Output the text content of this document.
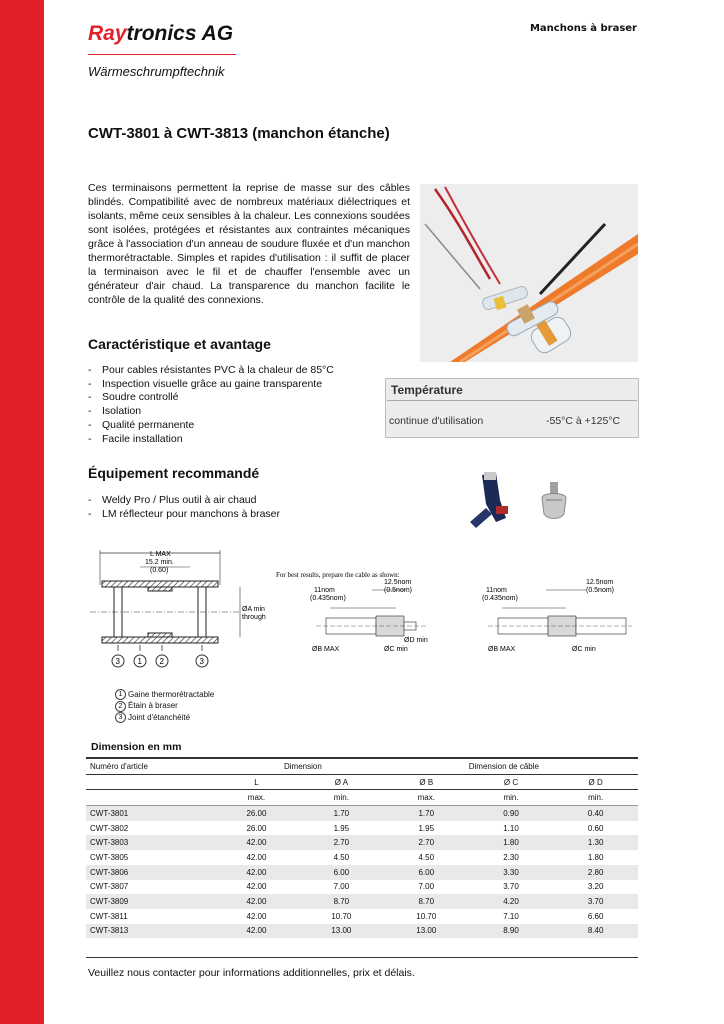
Raytronics AG
Wärmeschrumpftechnik
Manchons à braser
CWT-3801 à CWT-3813 (manchon étanche)
Ces terminaisons permettent la reprise de masse sur des câbles blindés. Compatibilité avec de nombreux matériaux diélectriques et isolants, même ceux sensibles à la chaleur. Les connexions soudées sont isolées, protégées et résistantes aux contraintes mécaniques grâce à l'association d'un anneau de soudure fluxée et d'un manchon thermorétractable. Simples et rapides d'utilisation : il suffit de placer la terminaison avec le fil et de chauffer l'ensemble avec un générateur d'air chaud. La transparence du manchon facilite le contrôle de la qualité des connexions.
Caractéristique et avantage
- Pour cables résistantes PVC à la chaleur de 85°C
- Inspection visuelle grâce au gaine transparente
- Soudre controllé
- Isolation
- Qualité permanente
- Facile installation
Température
continue d'utilisation	-55°C à +125°C
Équipement recommandé
- Weldy Pro / Plus outil à air chaud
- LM réflecteur pour manchons à braser
L MAX
15.2 min.
(0.60)
ØA min
through
3 1 2	3
For best results, prepare the cable as shown:
12.5nom
(0.5nom)
11nom
(0.435nom)
ØD min
ØB MAX	ØC min
12.5nom
(0.5nom)
11nom
(0.435nom)
ØB MAX	ØC min
1 Gaine thermorétractable
2 Étain à braser
3 Joint d'étanchéité
Dimension en mm
Numéro d'article	Dimension			Dimension de câble	
	L	Ø A	Ø B	Ø C	Ø D
	max.	min.	max.	min.	min.
CWT-3801	26.00	1.70	1.70	0.90	0.40
CWT-3802	26.00	1.95	1.95	1.10	0.60
CWT-3803	42.00	2.70	2.70	1.80	1.30
CWT-3805	42.00	4.50	4.50	2.30	1.80
CWT-3806	42.00	6.00	6.00	3.30	2.80
CWT-3807	42.00	7.00	7.00	3.70	3.20
CWT-3809	42.00	8.70	8.70	4.20	3.70
CWT-3811	42.00	10.70	10.70	7.10	6.60
CWT-3813	42.00	13.00	13.00	8.90	8.40
Veuillez nous contacter pour informations additionnelles, prix et délais.
